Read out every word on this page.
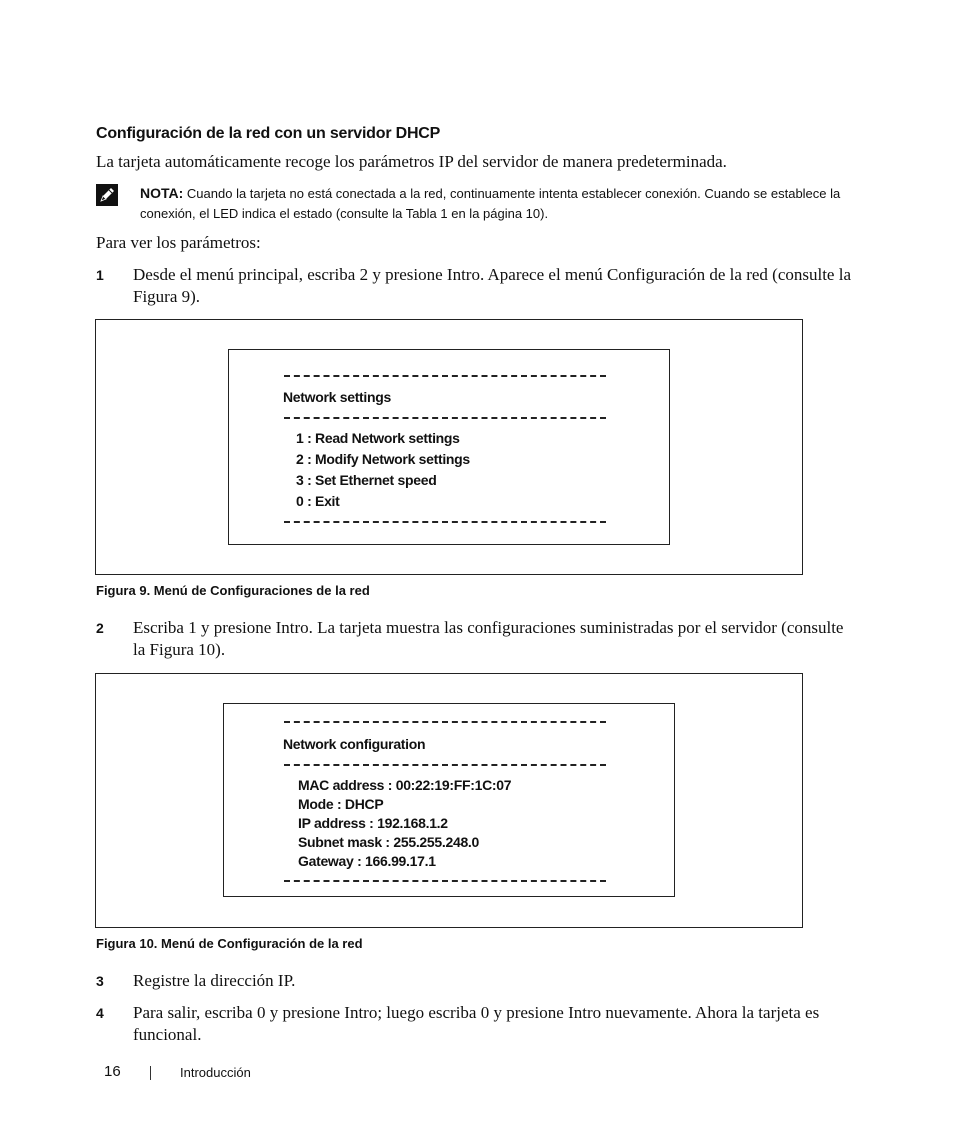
Configuración de la red con un servidor DHCP
La tarjeta automáticamente recoge los parámetros IP del servidor de manera predeterminada.
NOTA: Cuando la tarjeta no está conectada a la red, continuamente intenta establecer conexión. Cuando se establece la conexión, el LED indica el estado (consulte la Tabla 1 en la página 10).
Para ver los parámetros:
1 Desde el menú principal, escriba 2 y presione Intro. Aparece el menú Configuración de la red (consulte la Figura 9).
Network settings
1 : Read Network settings
2 : Modify Network settings
3 : Set Ethernet speed
0 : Exit
Figura 9. Menú de Configuraciones de la red
2 Escriba 1 y presione Intro. La tarjeta muestra las configuraciones suministradas por el servidor (consulte la Figura 10).
Network configuration
MAC address : 00:22:19:FF:1C:07
Mode : DHCP
IP address : 192.168.1.2
Subnet mask : 255.255.248.0
Gateway : 166.99.17.1
Figura 10. Menú de Configuración de la red
3 Registre la dirección IP.
4 Para salir, escriba 0 y presione Intro; luego escriba 0 y presione Intro nuevamente. Ahora la tarjeta es funcional.
16	Introducción
